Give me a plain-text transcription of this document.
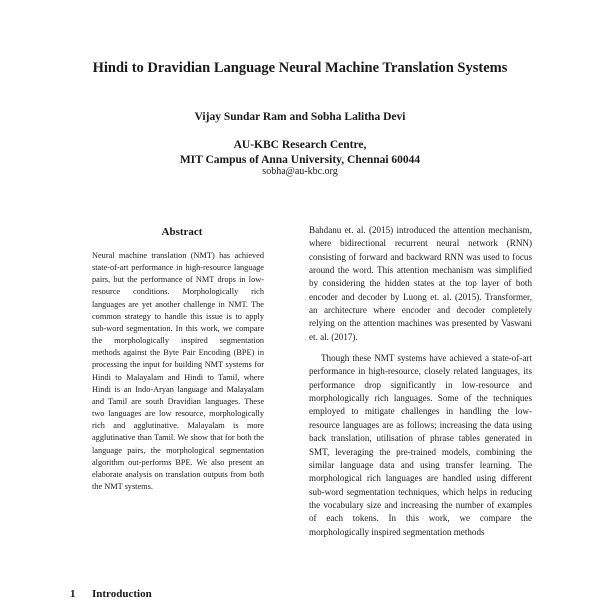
Hindi to Dravidian Language Neural Machine Translation Systems
Vijay Sundar Ram and Sobha Lalitha Devi
AU-KBC Research Centre,
MIT Campus of Anna University, Chennai 60044
sobha@au-kbc.org
Abstract
Neural machine translation (NMT) has achieved state-of-art performance in high-resource language pairs, but the performance of NMT drops in low-resource conditions. Morphologically rich languages are yet another challenge in NMT. The common strategy to handle this issue is to apply sub-word segmentation. In this work, we compare the morphologically inspired segmentation methods against the Byte Pair Encoding (BPE) in processing the input for building NMT systems for Hindi to Malayalam and Hindi to Tamil, where Hindi is an Indo-Aryan language and Malayalam and Tamil are south Dravidian languages. These two languages are low resource, morphologically rich and agglutinative. Malayalam is more agglutinative than Tamil. We show that for both the language pairs, the morphological segmentation algorithm out-performs BPE. We also present an elaborate analysis on translation outputs from both the NMT systems.
1 Introduction

Bahdanu et. al. (2015) introduced the attention mechanism, where bidirectional recurrent neural network (RNN) consisting of forward and backward RNN was used to focus around the word. This attention mechanism was simplified by considering the hidden states at the top layer of both encoder and decoder by Luong et. al. (2015). Transformer, an architecture where encoder and decoder completely relying on the attention machines was presented by Vaswani et. al. (2017).

Though these NMT systems have achieved a state-of-art performance in high-resource, closely related languages, its performance drop significantly in low-resource and morphologically rich languages. Some of the techniques employed to mitigate challenges in handling the low-resource languages are as follows; increasing the data using back translation, utilisation of phrase tables generated in SMT, leveraging the pre-trained models, combining the similar language data and using transfer learning. The morphological rich languages are handled using different sub-word segmentation techniques, which helps in reducing the vocabulary size and increasing the number of examples of each tokens. In this work, we compare the morphologically inspired segmentation methods
